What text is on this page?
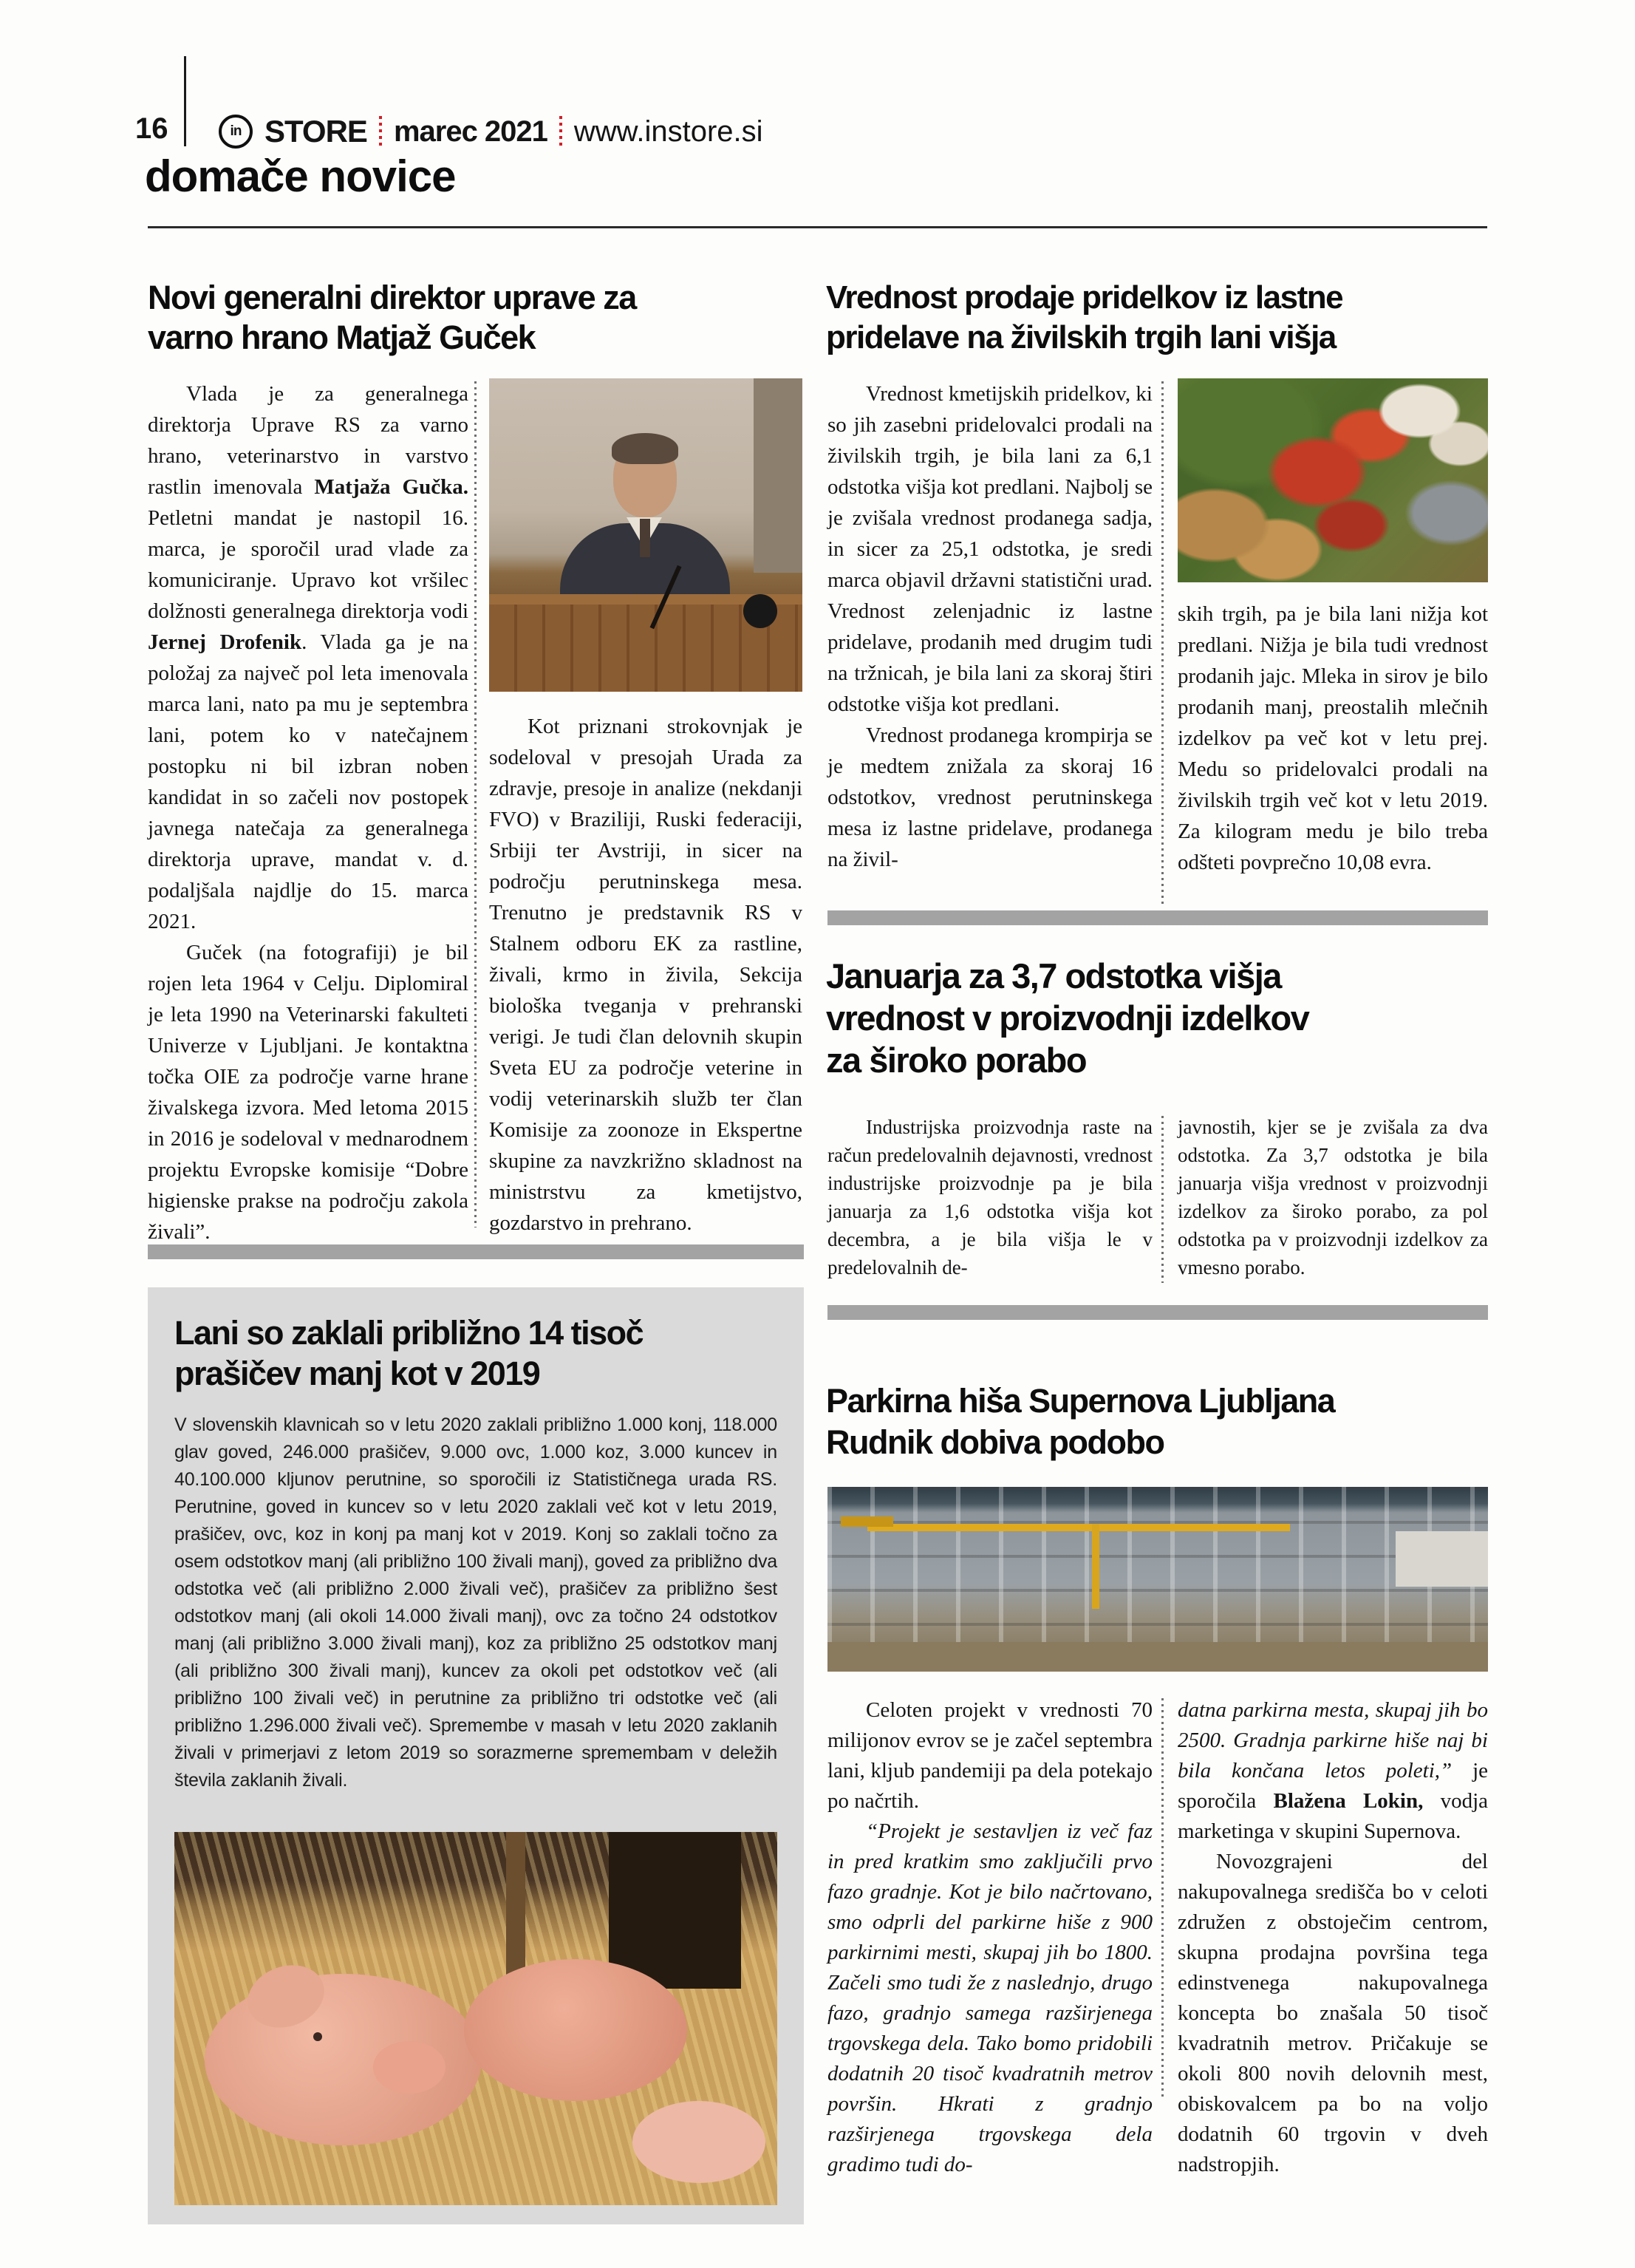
16	in STORE marec 2021 www.instore.si
domače novice
Novi generalni direktor uprave za
varno hrano Matjaž Guček

Vlada je za generalnega direktorja Uprave RS za varno hrano, veterinarstvo in varstvo rastlin imenovala Matjaža Gučka. Petletni mandat je nastopil 16. marca, je sporočil urad vlade za komuniciranje. Upravo kot vršilec dolžnosti generalnega direktorja vodi Jernej Drofenik. Vlada ga je na položaj za največ pol leta imenovala marca lani, nato pa mu je septembra lani, potem ko v natečajnem postopku ni bil izbran noben kandidat in so začeli nov postopek javnega natečaja za generalnega direktorja uprave, mandat v. d. podaljšala najdlje do 15. marca 2021.

Guček (na fotografiji) je bil rojen leta 1964 v Celju. Diplomiral je leta 1990 na Veterinarski fakulteti Univerze v Ljubljani. Je kontaktna točka OIE za področje varne hrane živalskega izvora. Med letoma 2015 in 2016 je sodeloval v mednarodnem projektu Evropske komisije “Dobre higienske prakse na področju zakola živali”.

Kot priznani strokovnjak je sodeloval v presojah Urada za zdravje, presoje in analize (nekdanji FVO) v Braziliji, Ruski federaciji, Srbiji ter Avstriji, in sicer na področju perutninskega mesa. Trenutno je predstavnik RS v Stalnem odboru EK za rastline, živali, krmo in živila, Sekcija biološka tveganja v prehranski verigi. Je tudi član delovnih skupin Sveta EU za področje veterine in vodij veterinarskih služb ter član Komisije za zoonoze in Ekspertne skupine za navzkrižno skladnost na ministrstvu za kmetijstvo, gozdarstvo in prehrano.

Lani so zaklali približno 14 tisoč
prašičev manj kot v 2019
V slovenskih klavnicah so v letu 2020 zaklali približno 1.000 konj, 118.000 glav goved, 246.000 prašičev, 9.000 ovc, 1.000 koz, 3.000 kuncev in 40.100.000 kljunov perutnine, so sporočili iz Statističnega urada RS. Perutnine, goved in kuncev so v letu 2020 zaklali več kot v letu 2019, prašičev, ovc, koz in konj pa manj kot v 2019. Konj so zaklali točno za osem odstotkov manj (ali približno 100 živali manj), goved za približno dva odstotka več (ali približno 2.000 živali več), prašičev za približno šest odstotkov manj (ali okoli 14.000 živali manj), ovc za točno 24 odstotkov manj (ali približno 3.000 živali manj), koz za približno 25 odstotkov manj (ali približno 300 živali manj), kuncev za okoli pet odstotkov več (ali približno 100 živali več) in perutnine za približno tri odstotke več (ali približno 1.296.000 živali več). Spremembe v masah v letu 2020 zaklanih živali v primerjavi z letom 2019 so sorazmerne spremembam v deležih števila zaklanih živali.
Vrednost prodaje pridelkov iz lastne
pridelave na živilskih trgih lani višja

Vrednost kmetijskih pridelkov, ki so jih zasebni pridelovalci prodali na živilskih trgih, je bila lani za 6,1 odstotka višja kot predlani. Najbolj se je zvišala vrednost prodanega sadja, in sicer za 25,1 odstotka, je sredi marca objavil državni statistični urad. Vrednost zelenjadnic iz lastne pridelave, prodanih med drugim tudi na tržnicah, je bila lani za skoraj štiri odstotke višja kot predlani.

Vrednost prodanega krompirja se je medtem znižala za skoraj 16 odstotkov, vrednost perutninskega mesa iz lastne pridelave, prodanega na živil-

skih trgih, pa je bila lani nižja kot predlani. Nižja je bila tudi vrednost prodanih jajc. Mleka in sirov je bilo prodanih manj, preostalih mlečnih izdelkov pa več kot v letu prej. Medu so pridelovalci prodali na živilskih trgih več kot v letu 2019. Za kilogram medu je bilo treba odšteti povprečno 10,08 evra.

Januarja za 3,7 odstotka višja
vrednost v proizvodnji izdelkov
za široko porabo

Industrijska proizvodnja raste na račun predelovalnih dejavnosti, vrednost industrijske proizvodnje pa je bila januarja za 1,6 odstotka višja kot decembra, a je bila višja le v predelovalnih de-

javnostih, kjer se je zvišala za dva odstotka. Za 3,7 odstotka je bila januarja višja vrednost v proizvodnji izdelkov za široko porabo, za pol odstotka pa v proizvodnji izdelkov za vmesno porabo.

Parkirna hiša Supernova Ljubljana
Rudnik dobiva podobo

Celoten projekt v vrednosti 70 milijonov evrov se je začel septembra lani, kljub pandemiji pa dela potekajo po načrtih.

“Projekt je sestavljen iz več faz in pred kratkim smo zaključili prvo fazo gradnje. Kot je bilo načrtovano, smo odprli del parkirne hiše z 900 parkirnimi mesti, skupaj jih bo 1800. Začeli smo tudi že z naslednjo, drugo fazo, gradnjo samega razširjenega trgovskega dela. Tako bomo pridobili dodatnih 20 tisoč kvadratnih metrov površin. Hkrati z gradnjo razširjenega trgovskega dela gradimo tudi do-

datna parkirna mesta, skupaj jih bo 2500. Gradnja parkirne hiše naj bi bila končana letos poleti,” je sporočila Blažena Lokin, vodja marketinga v skupini Supernova.

Novozgrajeni del nakupovalnega središča bo v celoti združen z obstoječim centrom, skupna prodajna površina tega edinstvenega nakupovalnega koncepta bo znašala 50 tisoč kvadratnih metrov. Pričakuje se okoli 800 novih delovnih mest, obiskovalcem pa bo na voljo dodatnih 60 trgovin v dveh nadstropjih.
